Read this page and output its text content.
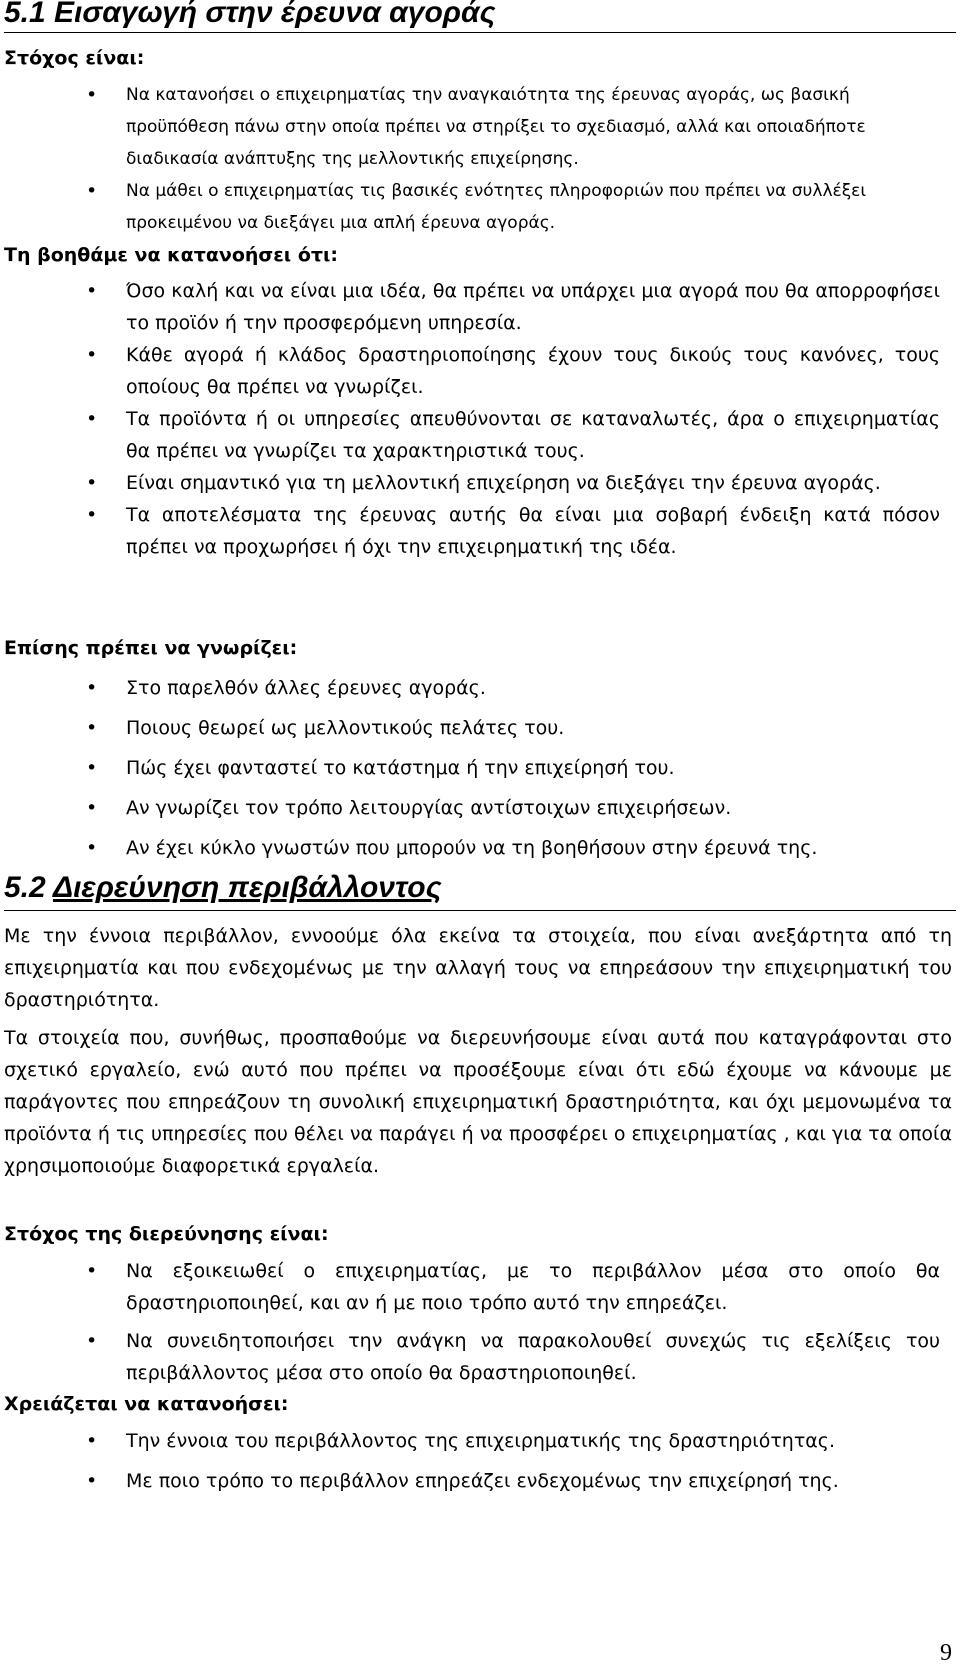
5.1 Εισαγωγή στην έρευνα αγοράς

Στόχος είναι:

• Να κατανοήσει ο επιχειρηματίας την αναγκαιότητα της έρευνας αγοράς, ως βασική προϋπόθεση πάνω στην οποία πρέπει να στηρίξει το σχεδιασμό, αλλά και οποιαδήποτε διαδικασία ανάπτυξης της μελλοντικής επιχείρησης.
• Να μάθει ο επιχειρηματίας τις βασικές ενότητες πληροφοριών που πρέπει να συλλέξει προκειμένου να διεξάγει μια απλή έρευνα αγοράς.

Τη βοηθάμε να κατανοήσει ότι:

• Όσο καλή και να είναι μια ιδέα, θα πρέπει να υπάρχει μια αγορά που θα απορροφήσει το προϊόν ή την προσφερόμενη υπηρεσία.
• Κάθε αγορά ή κλάδος δραστηριοποίησης έχουν τους δικούς τους κανόνες, τους οποίους θα πρέπει να γνωρίζει.
• Τα προϊόντα ή οι υπηρεσίες απευθύνονται σε καταναλωτές, άρα ο επιχειρηματίας θα πρέπει να γνωρίζει τα χαρακτηριστικά τους.
• Είναι σημαντικό για τη μελλοντική επιχείρηση να διεξάγει την έρευνα αγοράς.
• Τα αποτελέσματα της έρευνας αυτής θα είναι μια σοβαρή ένδειξη κατά πόσον πρέπει να προχωρήσει ή όχι την επιχειρηματική της ιδέα.

Επίσης πρέπει να γνωρίζει:

• Στο παρελθόν άλλες έρευνες αγοράς.
• Ποιους θεωρεί ως μελλοντικούς πελάτες του.
• Πώς έχει φανταστεί το κατάστημα ή την επιχείρησή του.
• Αν γνωρίζει τον τρόπο λειτουργίας αντίστοιχων επιχειρήσεων.
• Αν έχει κύκλο γνωστών που μπορούν να τη βοηθήσουν στην έρευνά της.
5.2 Διερεύνηση περιβάλλοντος

Με την έννοια περιβάλλον, εννοούμε όλα εκείνα τα στοιχεία, που είναι ανεξάρτητα από τη επιχειρηματία και που ενδεχομένως με την αλλαγή τους να επηρεάσουν την επιχειρηματική του δραστηριότητα.

Τα στοιχεία που, συνήθως, προσπαθούμε να διερευνήσουμε είναι αυτά που καταγράφονται στο σχετικό εργαλείο, ενώ αυτό που πρέπει να προσέξουμε είναι ότι εδώ έχουμε να κάνουμε με παράγοντες που επηρεάζουν τη συνολική επιχειρηματική δραστηριότητα, και όχι μεμονωμένα τα προϊόντα ή τις υπηρεσίες που θέλει να παράγει ή να προσφέρει ο επιχειρηματίας , και για τα οποία χρησιμοποιούμε διαφορετικά εργαλεία.

Στόχος της διερεύνησης είναι:

• Να εξοικειωθεί ο επιχειρηματίας, με το περιβάλλον μέσα στο οποίο θα δραστηριοποιηθεί, και αν ή με ποιο τρόπο αυτό την επηρεάζει.
• Να συνειδητοποιήσει την ανάγκη να παρακολουθεί συνεχώς τις εξελίξεις του περιβάλλοντος μέσα στο οποίο θα δραστηριοποιηθεί.

Χρειάζεται να κατανοήσει:

• Την έννοια του περιβάλλοντος της επιχειρηματικής της δραστηριότητας.
• Με ποιο τρόπο το περιβάλλον επηρεάζει ενδεχομένως την επιχείρησή της.
9
